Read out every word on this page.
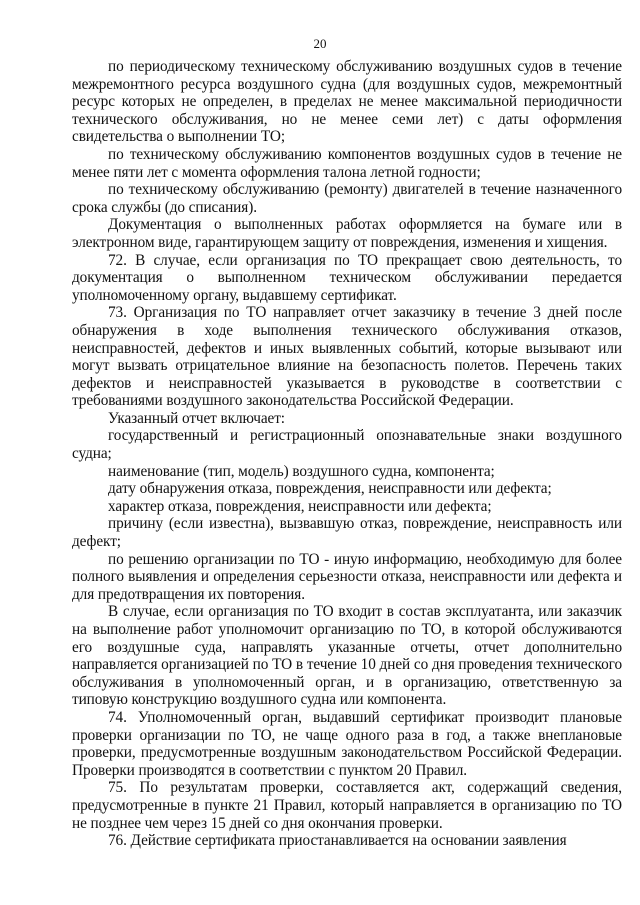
20

по периодическому техническому обслуживанию воздушных судов в течение межремонтного ресурса воздушного судна (для воздушных судов, межремонтный ресурс которых не определен, в пределах не менее максимальной периодичности технического обслуживания, но не менее семи лет) с даты оформления свидетельства о выполнении ТО;

по техническому обслуживанию компонентов воздушных судов в течение не менее пяти лет с момента оформления талона летной годности;

по техническому обслуживанию (ремонту) двигателей в течение назначенного срока службы (до списания).

Документация о выполненных работах оформляется на бумаге или в электронном виде, гарантирующем защиту от повреждения, изменения и хищения.

72. В случае, если организация по ТО прекращает свою деятельность, то документация о выполненном техническом обслуживании передается уполномоченному органу, выдавшему сертификат.

73. Организация по ТО направляет отчет заказчику в течение 3 дней после обнаружения в ходе выполнения технического обслуживания отказов, неисправностей, дефектов и иных выявленных событий, которые вызывают или могут вызвать отрицательное влияние на безопасность полетов. Перечень таких дефектов и неисправностей указывается в руководстве в соответствии с требованиями воздушного законодательства Российской Федерации.

Указанный отчет включает:

государственный и регистрационный опознавательные знаки воздушного судна;

наименование (тип, модель) воздушного судна, компонента;

дату обнаружения отказа, повреждения, неисправности или дефекта;

характер отказа, повреждения, неисправности или дефекта;

причину (если известна), вызвавшую отказ, повреждение, неисправность или дефект;

по решению организации по ТО - иную информацию, необходимую для более полного выявления и определения серьезности отказа, неисправности или дефекта и для предотвращения их повторения.

В случае, если организация по ТО входит в состав эксплуатанта, или заказчик на выполнение работ уполномочит организацию по ТО, в которой обслуживаются его воздушные суда, направлять указанные отчеты, отчет дополнительно направляется организацией по ТО в течение 10 дней со дня проведения технического обслуживания в уполномоченный орган, и в организацию, ответственную за типовую конструкцию воздушного судна или компонента.

74. Уполномоченный орган, выдавший сертификат производит плановые проверки организации по ТО, не чаще одного раза в год, а также внеплановые проверки, предусмотренные воздушным законодательством Российской Федерации. Проверки производятся в соответствии с пунктом 20 Правил.

75. По результатам проверки, составляется акт, содержащий сведения, предусмотренные в пункте 21 Правил, который направляется в организацию по ТО не позднее чем через 15 дней со дня окончания проверки.

76. Действие сертификата приостанавливается на основании заявления
